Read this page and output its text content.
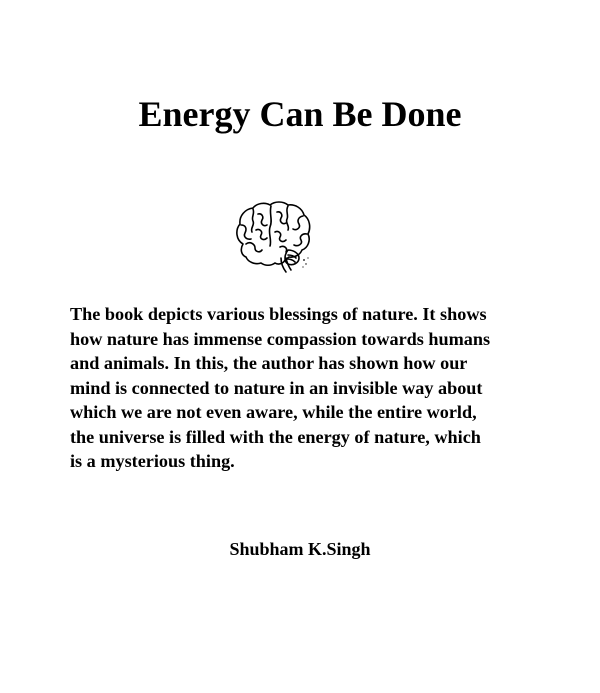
Energy Can Be Done

The book depicts various blessings of nature. It shows
how nature has immense compassion towards humans
and animals. In this, the author has shown how our
mind is connected to nature in an invisible way about
which we are not even aware, while the entire world,
the universe is filled with the energy of nature, which
is a mysterious thing.

Shubham K.Singh
